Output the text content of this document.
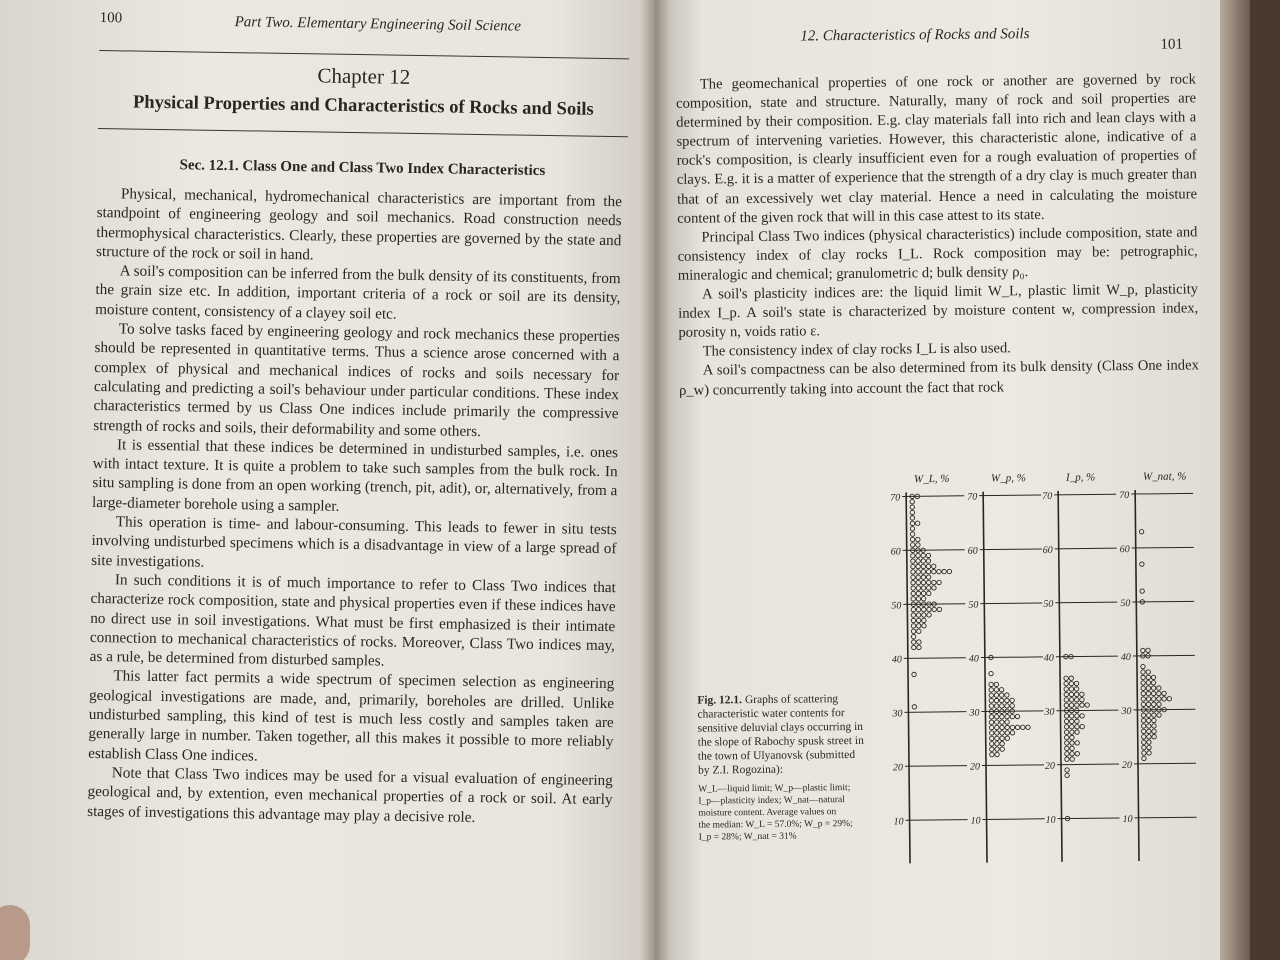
100	Part Two. Elementary Engineering Soil Science
Chapter 12
Physical Properties and Characteristics of Rocks and Soils
Sec. 12.1. Class One and Class Two Index Characteristics

Physical, mechanical, hydromechanical characteristics are important from the standpoint of engineering geology and soil mechanics. Road construction needs thermophysical characteristics. Clearly, these properties are governed by the state and structure of the rock or soil in hand.

A soil's composition can be inferred from the bulk density of its constituents, from the grain size etc. In addition, important criteria of a rock or soil are its density, moisture content, consistency of a clayey soil etc.

To solve tasks faced by engineering geology and rock mechanics these properties should be represented in quantitative terms. Thus a science arose concerned with a complex of physical and mechanical indices of rocks and soils necessary for calculating and predicting a soil's behaviour under particular conditions. These index characteristics termed by us Class One indices include primarily the compressive strength of rocks and soils, their deformability and some others.

It is essential that these indices be determined in undisturbed samples, i.e. ones with intact texture. It is quite a problem to take such samples from the bulk rock. In situ sampling is done from an open working (trench, pit, adit), or, alternatively, from a large-diameter borehole using a sampler.

This operation is time- and labour-consuming. This leads to fewer in situ tests involving undisturbed specimens which is a disadvantage in view of a large spread of site investigations.

In such conditions it is of much importance to refer to Class Two indices that characterize rock composition, state and physical properties even if these indices have no direct use in soil investigations. What must be first emphasized is their intimate connection to mechanical characteristics of rocks. Moreover, Class Two indices may, as a rule, be determined from disturbed samples.

This latter fact permits a wide spectrum of specimen selection as engineering geological investigations are made, and, primarily, boreholes are drilled. Unlike undisturbed sampling, this kind of test is much less costly and samples taken are generally large in number. Taken together, all this makes it possible to more reliably establish Class One indices.

Note that Class Two indices may be used for a visual evaluation of engineering geological and, by extention, even mechanical properties of a rock or soil. At early stages of investigations this advantage may play a decisive role.

12. Characteristics of Rocks and Soils
101

The geomechanical properties of one rock or another are governed by rock composition, state and structure. Naturally, many of rock and soil properties are determined by their composition. E.g. clay materials fall into rich and lean clays with a spectrum of intervening varieties. However, this characteristic alone, indicative of a rock's composition, is clearly insufficient even for a rough evaluation of properties of clays. E.g. it is a matter of experience that the strength of a dry clay is much greater than that of an excessively wet clay material. Hence a need in calculating the moisture content of the given rock that will in this case attest to its state.

Principal Class Two indices (physical characteristics) include composition, state and consistency index of clay rocks I_L. Rock composition may be: petrographic, mineralogic and chemical; granulometric d; bulk density ρ₀.

A soil's plasticity indices are: the liquid limit W_L, plastic limit W_p, plasticity index I_p. A soil's state is characterized by moisture content w, compression index, porosity n, voids ratio ε.

The consistency index of clay rocks I_L is also used.

A soil's compactness can be also determined from its bulk density (Class One index ρ_w) concurrently taking into account the fact that rock

Fig. 12.1. Graphs of scattering characteristic water contents for sensitive deluvial clays occurring in the slope of Rabochy spusk street in the town of Ulyanovsk (submitted by Z.I. Rogozina):
W_L—liquid limit; W_p—plastic limit;
I_p—plasticity index; W_nat—natural
moisture content. Average values on
the median: W_L = 57.0%; W_p = 29%;
I_p = 28%; W_nat = 31%
W_L, %
10
20
30
40
50
60
70
W_p, %
10
20
30
40
50
60
70
I_p, %
10
20
30
40
50
60
70
W_nat, %
10
20
30
40
50
60
70
